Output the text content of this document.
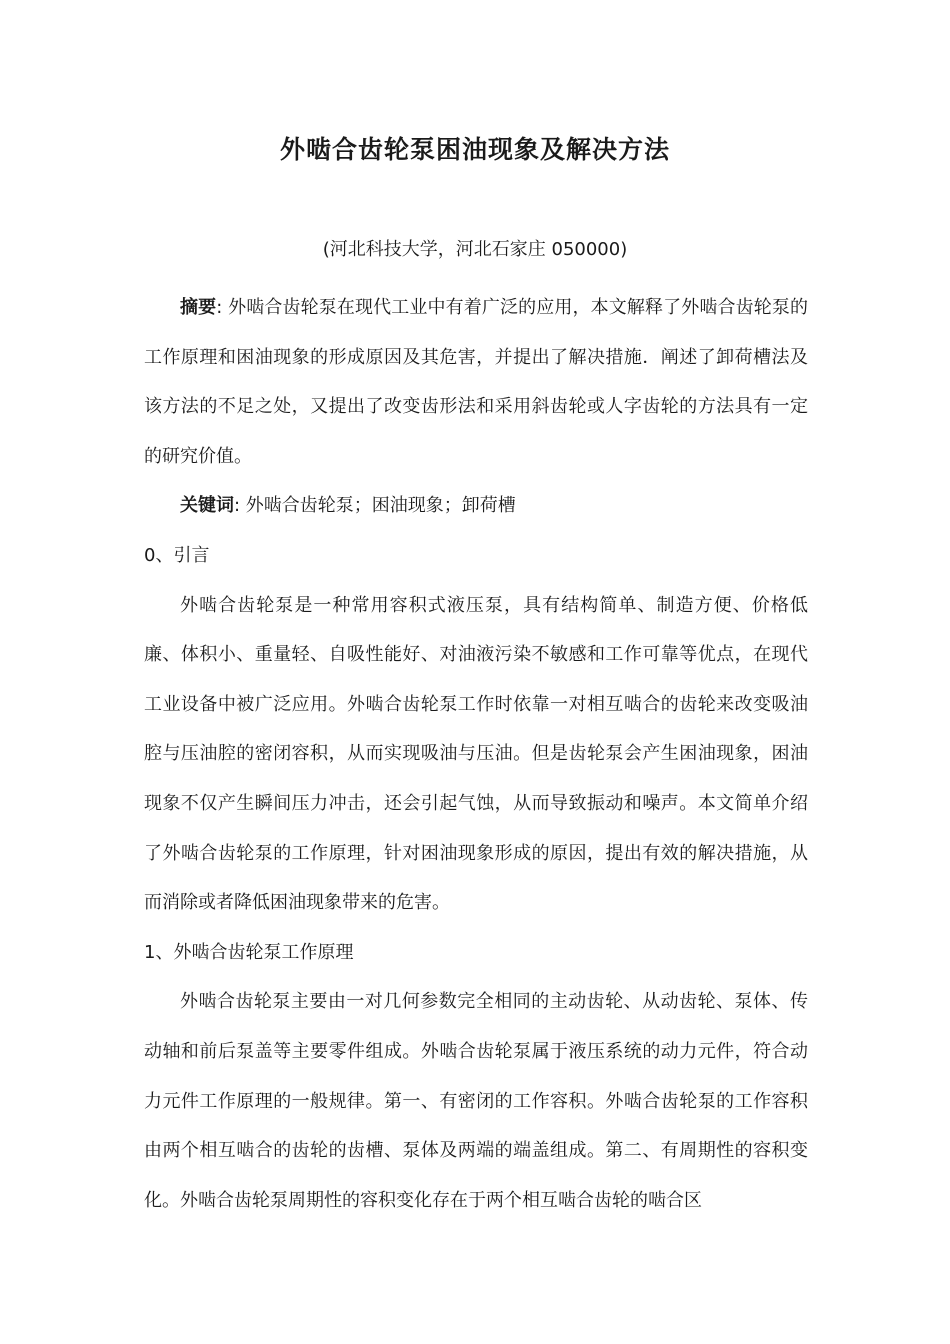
外啮合齿轮泵困油现象及解决方法
(河北科技大学，河北石家庄 050000)

摘要: 外啮合齿轮泵在现代工业中有着广泛的应用，本文解释了外啮合齿轮泵的工作原理和困油现象的形成原因及其危害，并提出了解决措施．阐述了卸荷槽法及该方法的不足之处，又提出了改变齿形法和采用斜齿轮或人字齿轮的方法具有一定的研究价值。

关键词: 外啮合齿轮泵；困油现象；卸荷槽

0、引言

外啮合齿轮泵是一种常用容积式液压泵，具有结构简单、制造方便、价格低廉、体积小、重量轻、自吸性能好、对油液污染不敏感和工作可靠等优点，在现代工业设备中被广泛应用。外啮合齿轮泵工作时依靠一对相互啮合的齿轮来改变吸油腔与压油腔的密闭容积，从而实现吸油与压油。但是齿轮泵会产生困油现象，困油现象不仅产生瞬间压力冲击，还会引起气蚀，从而导致振动和噪声。本文简单介绍了外啮合齿轮泵的工作原理，针对困油现象形成的原因，提出有效的解决措施，从而消除或者降低困油现象带来的危害。

1、外啮合齿轮泵工作原理

外啮合齿轮泵主要由一对几何参数完全相同的主动齿轮、从动齿轮、泵体、传动轴和前后泵盖等主要零件组成。外啮合齿轮泵属于液压系统的动力元件，符合动力元件工作原理的一般规律。第一、有密闭的工作容积。外啮合齿轮泵的工作容积由两个相互啮合的齿轮的齿槽、泵体及两端的端盖组成。第二、有周期性的容积变化。外啮合齿轮泵周期性的容积变化存在于两个相互啮合齿轮的啮合区
